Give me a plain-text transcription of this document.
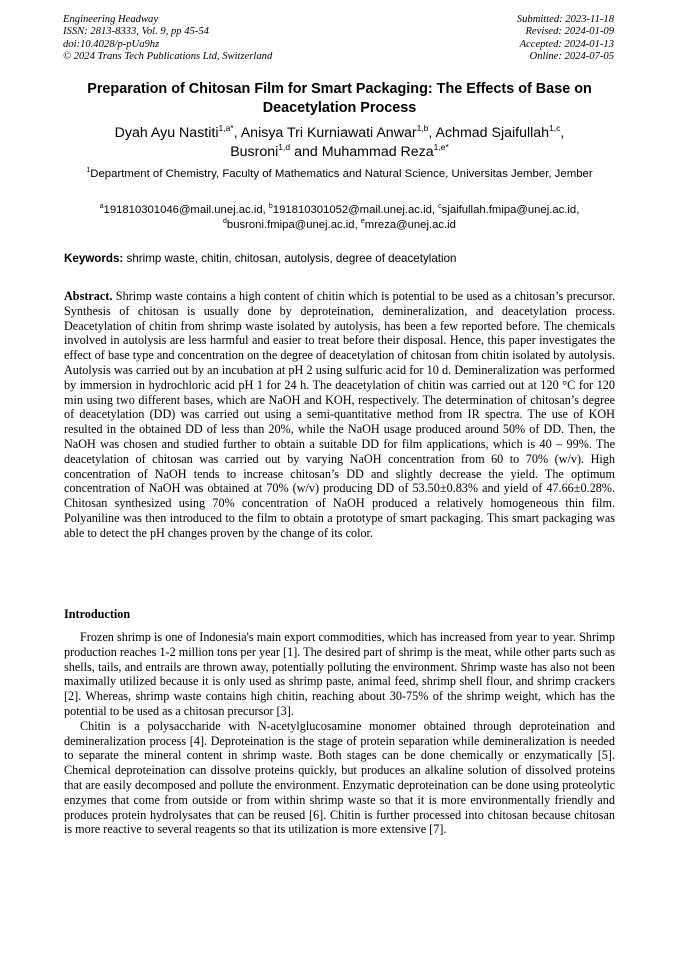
Engineering Headway
ISSN: 2813-8333, Vol. 9, pp 45-54
doi:10.4028/p-pUa9hz
© 2024 Trans Tech Publications Ltd, Switzerland
Submitted: 2023-11-18
Revised: 2024-01-09
Accepted: 2024-01-13
Online: 2024-07-05
Preparation of Chitosan Film for Smart Packaging: The Effects of Base on Deacetylation Process
Dyah Ayu Nastiti$^{1,a*}$, Anisya Tri Kurniawati Anwar$^{1,b}$, Achmad Sjaifullah$^{1,c}$,
Busroni$^{1,d}$ and Muhammad Reza$^{1,e*}$
$^1$Department of Chemistry, Faculty of Mathematics and Natural Science, Universitas Jember, Jember
$^a$191810301046@mail.unej.ac.id, $^b$191810301052@mail.unej.ac.id, $^c$sjaifullah.fmipa@unej.ac.id,
$^d$busroni.fmipa@unej.ac.id, $^e$mreza@unej.ac.id
Keywords: shrimp waste, chitin, chitosan, autolysis, degree of deacetylation
Abstract. Shrimp waste contains a high content of chitin which is potential to be used as a chitosan’s precursor. Synthesis of chitosan is usually done by deproteination, demineralization, and deacetylation process. Deacetylation of chitin from shrimp waste isolated by autolysis, has been a few reported before. The chemicals involved in autolysis are less harmful and easier to treat before their disposal. Hence, this paper investigates the effect of base type and concentration on the degree of deacetylation of chitosan from chitin isolated by autolysis. Autolysis was carried out by an incubation at pH 2 using sulfuric acid for 10 d. Demineralization was performed by immersion in hydrochloric acid pH 1 for 24 h. The deacetylation of chitin was carried out at 120 °C for 120 min using two different bases, which are NaOH and KOH, respectively. The determination of chitosan’s degree of deacetylation (DD) was carried out using a semi-quantitative method from IR spectra. The use of KOH resulted in the obtained DD of less than 20%, while the NaOH usage produced around 50% of DD. Then, the NaOH was chosen and studied further to obtain a suitable DD for film applications, which is 40 – 99%. The deacetylation of chitosan was carried out by varying NaOH concentration from 60 to 70% (w/v). High concentration of NaOH tends to increase chitosan’s DD and slightly decrease the yield. The optimum concentration of NaOH was obtained at 70% (w/v) producing DD of 53.50±0.83% and yield of 47.66±0.28%. Chitosan synthesized using 70% concentration of NaOH produced a relatively homogeneous thin film. Polyaniline was then introduced to the film to obtain a prototype of smart packaging. This smart packaging was able to detect the pH changes proven by the change of its color.
Introduction

Frozen shrimp is one of Indonesia's main export commodities, which has increased from year to year. Shrimp production reaches 1-2 million tons per year [1]. The desired part of shrimp is the meat, while other parts such as shells, tails, and entrails are thrown away, potentially polluting the environment. Shrimp waste has also not been maximally utilized because it is only used as shrimp paste, animal feed, shrimp shell flour, and shrimp crackers [2]. Whereas, shrimp waste contains high chitin, reaching about 30-75% of the shrimp weight, which has the potential to be used as a chitosan precursor [3].

Chitin is a polysaccharide with N-acetylglucosamine monomer obtained through deproteination and demineralization process [4]. Deproteination is the stage of protein separation while demineralization is needed to separate the mineral content in shrimp waste. Both stages can be done chemically or enzymatically [5]. Chemical deproteination can dissolve proteins quickly, but produces an alkaline solution of dissolved proteins that are easily decomposed and pollute the environment. Enzymatic deproteination can be done using proteolytic enzymes that come from outside or from within shrimp waste so that it is more environmentally friendly and produces protein hydrolysates that can be reused [6]. Chitin is further processed into chitosan because chitosan is more reactive to several reagents so that its utilization is more extensive [7].
